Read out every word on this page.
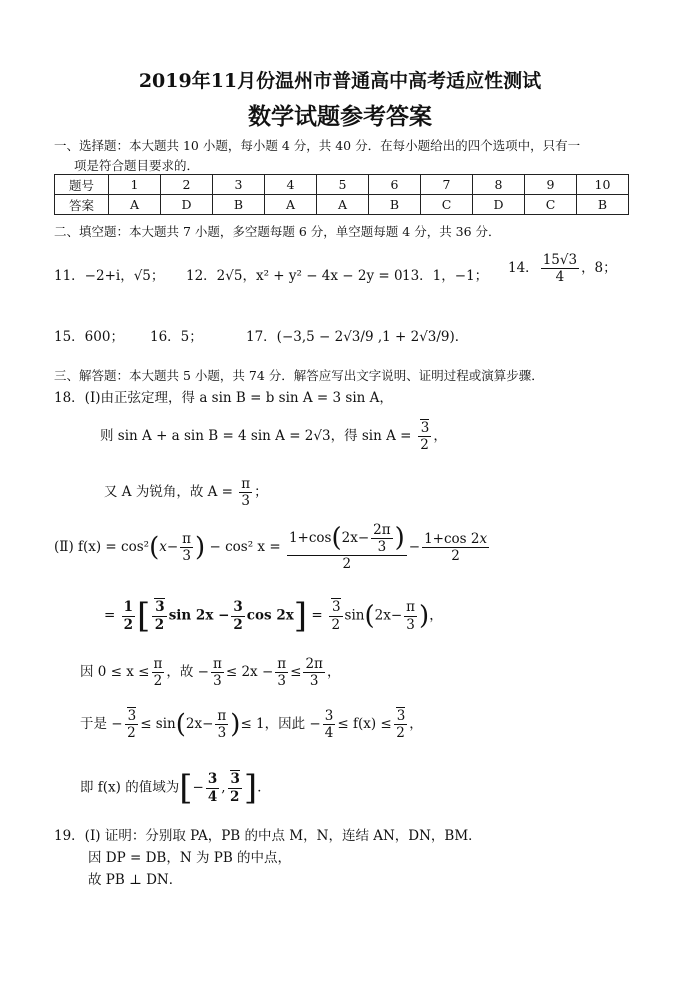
2019年11月份温州市普通高中高考适应性测试
数学试题参考答案
一、选择题：本大题共 10 小题，每小题 4 分，共 40 分．在每小题给出的四个选项中，只有一
项是符合题目要求的．
题号	1	2	3	4	5	6	7	8	9	10
答案	A	D	B	A	A	B	C	D	C	B
二、填空题：本大题共 7 小题，多空题每题 6 分，单空题每题 4 分，共 36 分．
11．−2+i，√5； 12．2√5，x² + y² − 4x − 2y = 0 13．1，−1； 14． $\frac{15√3}{4}$ ，8；
15．600； 16．5；	17．(−3,5 − 2√3/9 ,1 + 2√3/9)．
三、解答题：本大题共 5 小题，共 74 分．解答应写出文字说明、证明过程或演算步骤．
18．(Ⅰ)由正弦定理，得 a sin B = b sin A = 3 sin A，
则 sin A + a sin B = 4 sin A = 2√3，得 $\sin A = \frac{3}{2}$ ，
又 A 为锐角，故 $A = \frac{\pi}{3}$ ；
(Ⅱ) $f(x) = \cos^2(x- \frac{\pi}{3}$ ) − cos² $x = \frac{1+\cos(2x- \frac{2\pi}{3} )}{2} - \frac{1+\cos 2x}{2}$
= $\frac{1}{2}$ [ $\frac{3}{2}$ $\sin 2x - \frac{3}{2}$ $\cos 2x] = \frac{3}{2} \sin(2x- \frac{\pi}{3}$ )，
因 $0 \le x \le \frac{\pi}{2}$ ，故 − $\frac{\pi}{3} \le 2x - \frac{\pi}{3} \le \frac{2\pi}{3}$ ，
于是 − $\frac{3}{2} \le \sin(2x- \frac{\pi}{3}$ )≤ 1，因此 − $\frac{3}{4} \le f(x) \le \frac{3}{2}$ ，
即 f(x) 的值域为[− $\frac{3}{4}$ , $\frac{3}{2}$ ]．
19．(Ⅰ) 证明：分别取 PA，PB 的中点 M，N，连结 AN，DN，BM．
因 DP = DB，N 为 PB 的中点，
故 PB ⊥ DN．
